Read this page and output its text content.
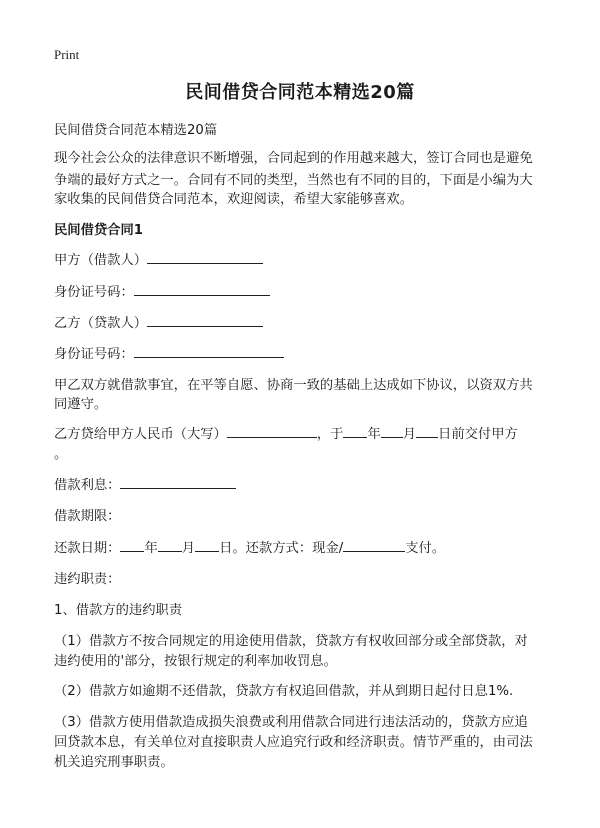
Print
民间借贷合同范本精选20篇
民间借贷合同范本精选20篇
现今社会公众的法律意识不断增强，合同起到的作用越来越大，签订合同也是避免
争端的最好方式之一。合同有不同的类型，当然也有不同的目的，下面是小编为大
家收集的民间借贷合同范本，欢迎阅读，希望大家能够喜欢。
民间借贷合同1
甲方（借款人）
身份证号码：
乙方（贷款人）
身份证号码：
甲乙双方就借款事宜，在平等自愿、协商一致的基础上达成如下协议，以资双方共
同遵守。
乙方贷给甲方人民币（大写）	，于 年 月 日前交付甲方
。
借款利息：
借款期限：
还款日期： 年 月 日。还款方式：现金/	支付。
违约职责：
1、借款方的违约职责
（1）借款方不按合同规定的用途使用借款，贷款方有权收回部分或全部贷款，对
违约使用的'部分，按银行规定的利率加收罚息。
（2）借款方如逾期不还借款，贷款方有权追回借款，并从到期日起付日息1%.
（3）借款方使用借款造成损失浪费或利用借款合同进行违法活动的，贷款方应追
回贷款本息，有关单位对直接职责人应追究行政和经济职责。情节严重的，由司法
机关追究刑事职责。
